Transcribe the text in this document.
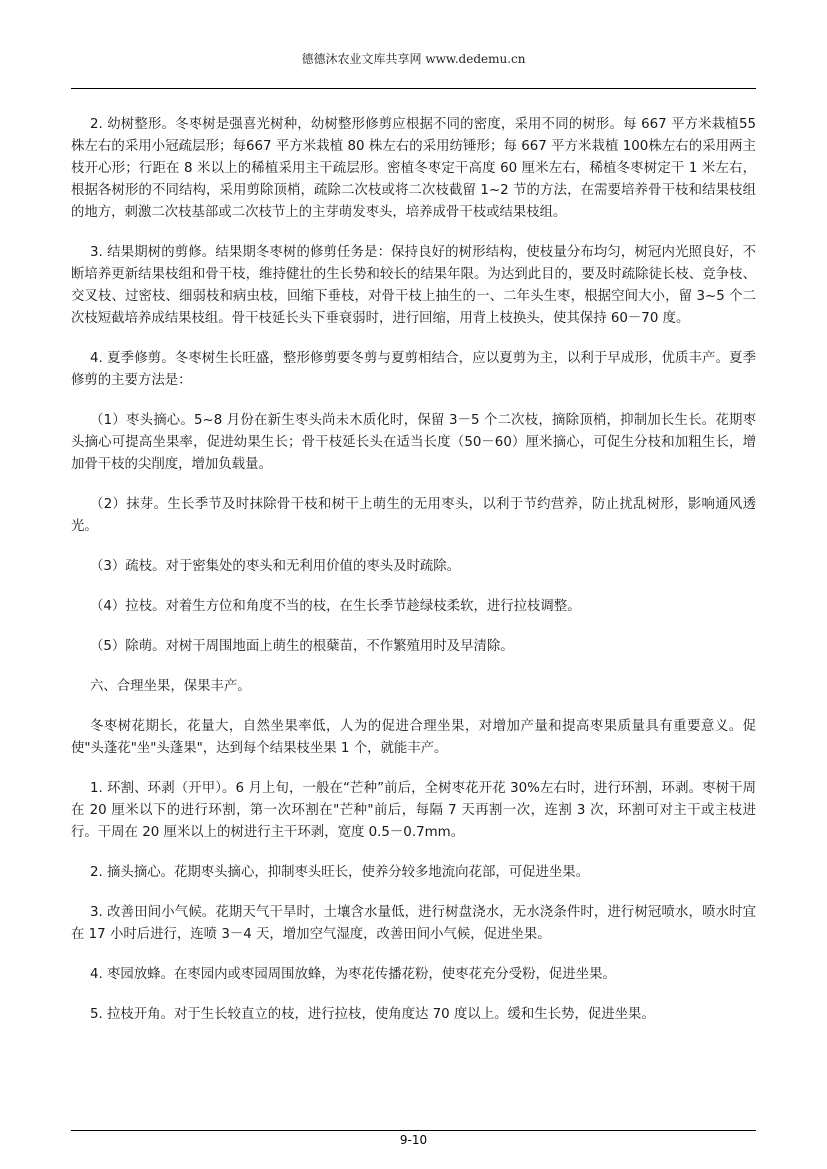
德德沐农业文库共享网 www.dedemu.cn

2. 幼树整形。冬枣树是强喜光树种，幼树整形修剪应根据不同的密度，采用不同的树形。每 667 平方米栽植55 株左右的采用小冠疏层形；每667 平方米栽植 80 株左右的采用纺锤形；每 667 平方米栽植 100株左右的采用两主枝开心形；行距在 8 米以上的稀植采用主干疏层形。密植冬枣定干高度 60 厘米左右，稀植冬枣树定干 1 米左右，根据各树形的不同结构，采用剪除顶梢，疏除二次枝或将二次枝截留 1~2 节的方法，在需要培养骨干枝和结果枝组的地方，刺激二次枝基部或二次枝节上的主芽萌发枣头，培养成骨干枝或结果枝组。

3. 结果期树的剪修。结果期冬枣树的修剪任务是：保持良好的树形结构，使枝量分布均匀，树冠内光照良好，不断培养更新结果枝组和骨干枝，维持健壮的生长势和较长的结果年限。为达到此目的，要及时疏除徒长枝、竞争枝、交叉枝、过密枝、细弱枝和病虫枝，回缩下垂枝，对骨干枝上抽生的一、二年头生枣，根据空间大小，留 3~5 个二次枝短截培养成结果枝组。骨干枝延长头下垂衰弱时，进行回缩，用背上枝换头，使其保持 60－70 度。

4. 夏季修剪。冬枣树生长旺盛，整形修剪要冬剪与夏剪相结合，应以夏剪为主，以利于早成形，优质丰产。夏季修剪的主要方法是：

（1）枣头摘心。5~8 月份在新生枣头尚未木质化时，保留 3－5 个二次枝，摘除顶梢，抑制加长生长。花期枣头摘心可提高坐果率，促进幼果生长；骨干枝延长头在适当长度（50－60）厘米摘心，可促生分枝和加粗生长，增加骨干枝的尖削度，增加负载量。

（2）抹芽。生长季节及时抹除骨干枝和树干上萌生的无用枣头，以利于节约营养，防止扰乱树形，影响通风透光。

（3）疏枝。对于密集处的枣头和无利用价值的枣头及时疏除。

（4）拉枝。对着生方位和角度不当的枝，在生长季节趁绿枝柔软，进行拉枝调整。

（5）除萌。对树干周围地面上萌生的根蘖苗，不作繁殖用时及早清除。

六、合理坐果，保果丰产。

冬枣树花期长，花量大，自然坐果率低，人为的促进合理坐果，对增加产量和提高枣果质量具有重要意义。促使"头蓬花"坐"头蓬果"，达到每个结果枝坐果 1 个，就能丰产。

1. 环割、环剥（开甲）。6 月上旬，一般在“芒种”前后，全树枣花开花 30%左右时，进行环割，环剥。枣树干周在 20 厘米以下的进行环割，第一次环割在"芒种"前后，每隔 7 天再割一次，连割 3 次，环割可对主干或主枝进行。干周在 20 厘米以上的树进行主干环剥，宽度 0.5－0.7mm。

2. 摘头摘心。花期枣头摘心，抑制枣头旺长，使养分较多地流向花部，可促进坐果。

3. 改善田间小气候。花期天气干旱时，土壤含水量低，进行树盘浇水，无水浇条件时，进行树冠喷水，喷水时宜在 17 小时后进行，连喷 3－4 天，增加空气湿度，改善田间小气候，促进坐果。

4. 枣园放蜂。在枣园内或枣园周围放蜂，为枣花传播花粉，使枣花充分受粉，促进坐果。

5. 拉枝开角。对于生长较直立的枝，进行拉枝，使角度达 70 度以上。缓和生长势，促进坐果。

9-10
